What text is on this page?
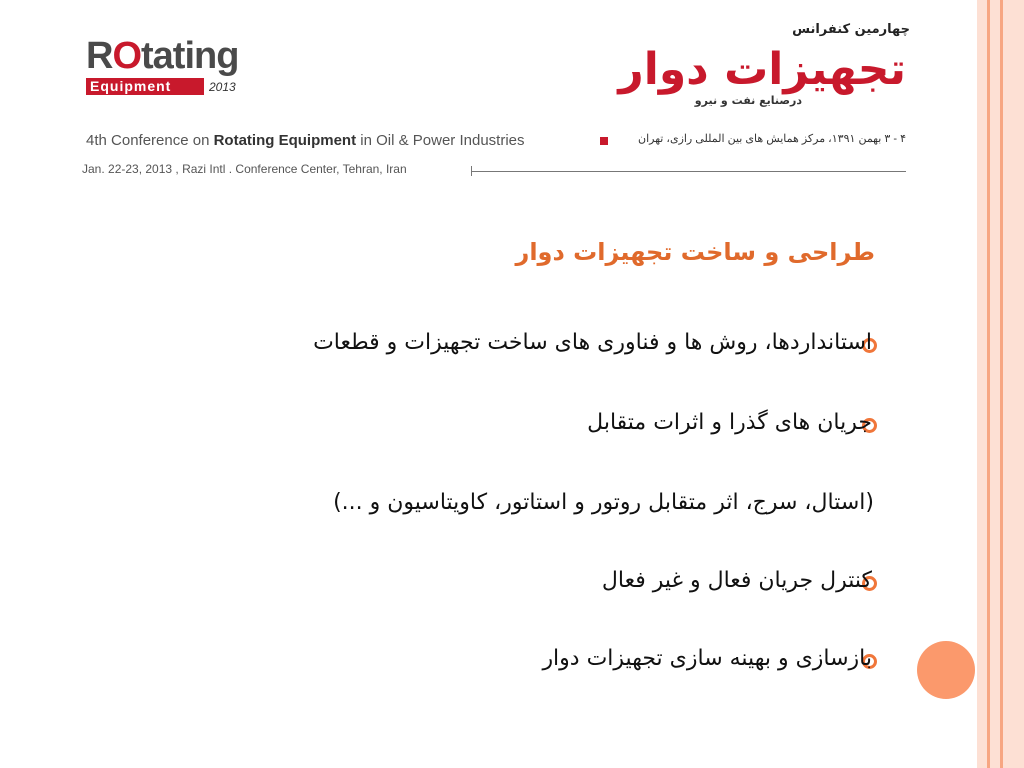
ROtating
Equipment	2013
چهارمین کنفرانس
تجهیزات دوار
درصنایع نفت و نیرو
4th Conference on Rotating Equipment in Oil & Power Industries	۴ - ۳ بهمن ۱۳۹۱، مرکز همایش های بین المللی رازی، تهران
Jan. 22-23, 2013 , Razi Intl . Conference Center, Tehran, Iran
طراحی و ساخت تجهیزات دوار
استانداردها، روش ها و فناوری های ساخت تجهیزات و قطعات
جریان های گذرا و اثرات متقابل
(استال، سرج، اثر متقابل روتور و استاتور، کاویتاسیون و ...)
کنترل جریان فعال و غیر فعال
بازسازی و بهینه سازی تجهیزات دوار
